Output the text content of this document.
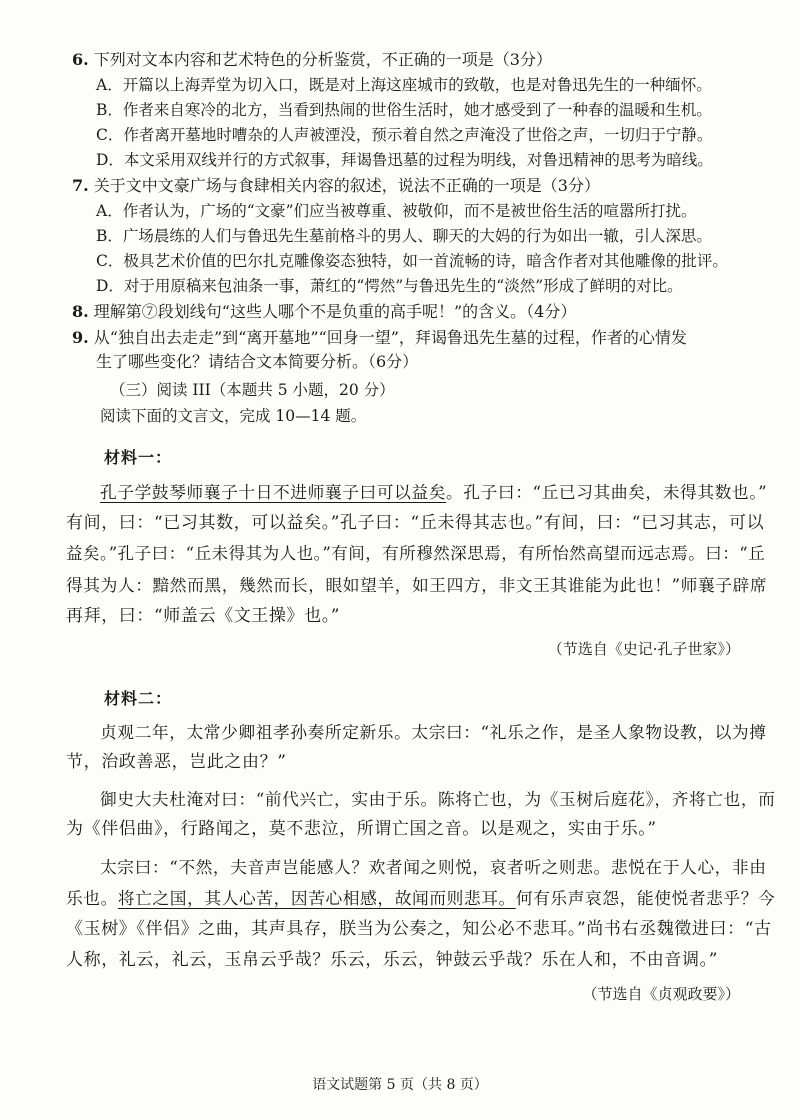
6. 下列对文本内容和艺术特色的分析鉴赏，不正确的一项是（3分）
A．开篇以上海弄堂为切入口，既是对上海这座城市的致敬，也是对鲁迅先生的一种缅怀。
B．作者来自寒冷的北方，当看到热闹的世俗生活时，她才感受到了一种春的温暖和生机。
C．作者离开墓地时嘈杂的人声被湮没，预示着自然之声淹没了世俗之声，一切归于宁静。
D．本文采用双线并行的方式叙事，拜谒鲁迅墓的过程为明线，对鲁迅精神的思考为暗线。
7. 关于文中文豪广场与食肆相关内容的叙述，说法不正确的一项是（3分）
A．作者认为，广场的“文豪”们应当被尊重、被敬仰，而不是被世俗生活的喧嚣所打扰。
B．广场晨练的人们与鲁迅先生墓前格斗的男人、聊天的大妈的行为如出一辙，引人深思。
C．极具艺术价值的巴尔扎克雕像姿态独特，如一首流畅的诗，暗含作者对其他雕像的批评。
D．对于用原稿来包油条一事，萧红的“愕然”与鲁迅先生的“淡然”形成了鲜明的对比。
8. 理解第⑦段划线句“这些人哪个不是负重的高手呢！”的含义。（4分）
9. 从“独自出去走走”到“离开墓地”“回身一望”，拜谒鲁迅先生墓的过程，作者的心情发
生了哪些变化？请结合文本简要分析。（6分）
（三）阅读 III（本题共 5 小题，20 分）
阅读下面的文言文，完成 10—14 题。
材料一：
孔子学鼓琴师襄子十日不进师襄子曰可以益矣。孔子曰：“丘已习其曲矣，未得其数也。”
有间，曰：“已习其数，可以益矣。”孔子曰：“丘未得其志也。”有间，曰：“已习其志，可以
益矣。”孔子曰：“丘未得其为人也。”有间，有所穆然深思焉，有所怡然高望而远志焉。曰：“丘
得其为人：黯然而黑，幾然而长，眼如望羊，如王四方，非文王其谁能为此也！”师襄子辟席
再拜，曰：“师盖云《文王操》也。”
（节选自《史记·孔子世家》）
材料二：
贞观二年，太常少卿祖孝孙奏所定新乐。太宗曰：“礼乐之作，是圣人象物设教，以为撙
节，治政善恶，岂此之由？”
御史大夫杜淹对曰：“前代兴亡，实由于乐。陈将亡也，为《玉树后庭花》，齐将亡也，而
为《伴侣曲》，行路闻之，莫不悲泣，所谓亡国之音。以是观之，实由于乐。”
太宗曰：“不然，夫音声岂能感人？欢者闻之则悦，哀者听之则悲。悲悦在于人心，非由
乐也。将亡之国，其人心苦，因苦心相感，故闻而则悲耳。何有乐声哀怨，能使悦者悲乎？今
《玉树》《伴侣》之曲，其声具存，朕当为公奏之，知公必不悲耳。”尚书右丞魏徵进曰：“古
人称，礼云，礼云，玉帛云乎哉？乐云，乐云，钟鼓云乎哉？乐在人和，不由音调。”
（节选自《贞观政要》）
语文试题第 5 页（共 8 页）
